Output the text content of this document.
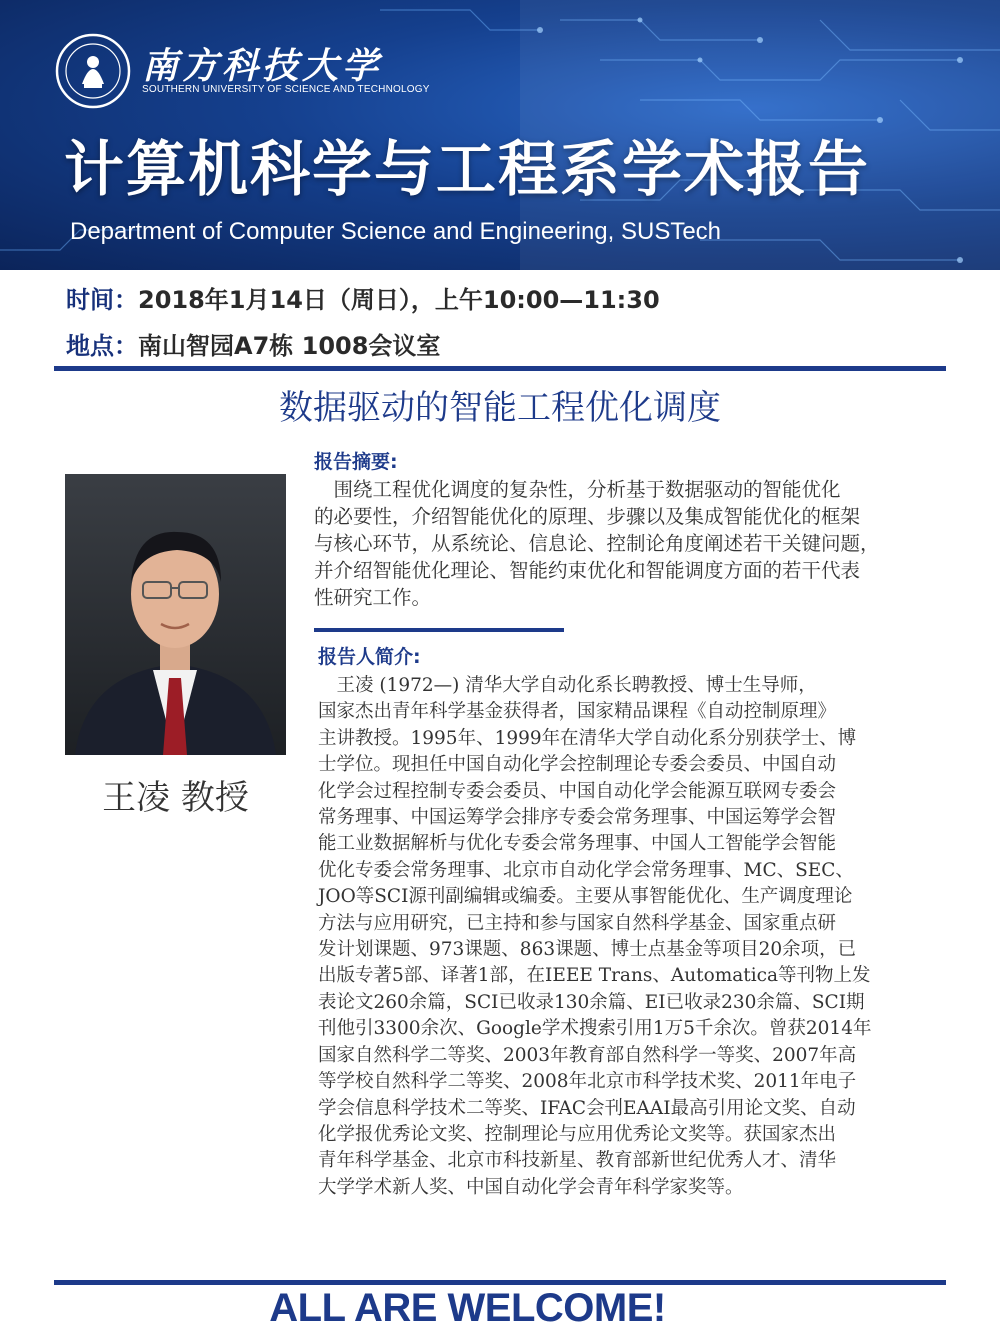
南方科技大学
SOUTHERN UNIVERSITY OF SCIENCE AND TECHNOLOGY
计算机科学与工程系学术报告
Department of Computer Science and Engineering, SUSTech
时间：2018年1月14日（周日），上午10:00—11:30
地点：南山智园A7栋 1008会议室
数据驱动的智能工程优化调度
王凌 教授
报告摘要:
　围绕工程优化调度的复杂性，分析基于数据驱动的智能优化
的必要性，介绍智能优化的原理、步骤以及集成智能优化的框架
与核心环节，从系统论、信息论、控制论角度阐述若干关键问题，
并介绍智能优化理论、智能约束优化和智能调度方面的若干代表
性研究工作。
报告人简介:
　王凌 (1972—) 清华大学自动化系长聘教授、博士生导师，
国家杰出青年科学基金获得者，国家精品课程《自动控制原理》
主讲教授。1995年、1999年在清华大学自动化系分别获学士、博
士学位。现担任中国自动化学会控制理论专委会委员、中国自动
化学会过程控制专委会委员、中国自动化学会能源互联网专委会
常务理事、中国运筹学会排序专委会常务理事、中国运筹学会智
能工业数据解析与优化专委会常务理事、中国人工智能学会智能
优化专委会常务理事、北京市自动化学会常务理事、MC、SEC、
JOO等SCI源刊副编辑或编委。主要从事智能优化、生产调度理论
方法与应用研究，已主持和参与国家自然科学基金、国家重点研
发计划课题、973课题、863课题、博士点基金等项目20余项，已
出版专著5部、译著1部，在IEEE Trans、Automatica等刊物上发
表论文260余篇，SCI已收录130余篇、EI已收录230余篇、SCI期
刊他引3300余次、Google学术搜索引用1万5千余次。曾获2014年
国家自然科学二等奖、2003年教育部自然科学一等奖、2007年高
等学校自然科学二等奖、2008年北京市科学技术奖、2011年电子
学会信息科学技术二等奖、IFAC会刊EAAI最高引用论文奖、自动
化学报优秀论文奖、控制理论与应用优秀论文奖等。获国家杰出
青年科学基金、北京市科技新星、教育部新世纪优秀人才、清华
大学学术新人奖、中国自动化学会青年科学家奖等。
ALL ARE WELCOME!
